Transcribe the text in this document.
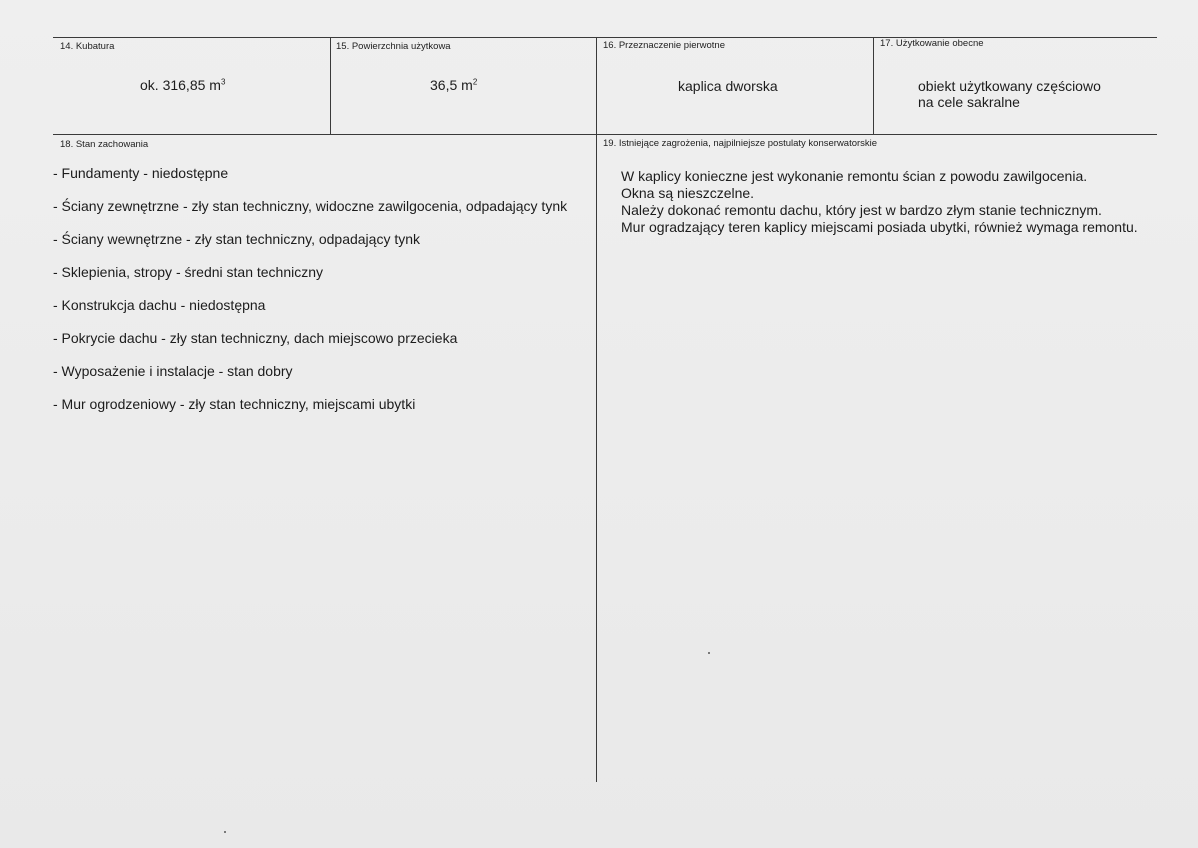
14. Kubatura
ok. 316,85 $m^3$
15. Powierzchnia użytkowa
36,5 $m^2$
16. Przeznaczenie pierwotne
kaplica dworska
17. Użytkowanie obecne
obiekt użytkowany częściowo
na cele sakralne
18. Stan zachowania
- Fundamenty - niedostępne
- Ściany zewnętrzne - zły stan techniczny, widoczne zawilgocenia, odpadający tynk
- Ściany wewnętrzne - zły stan techniczny, odpadający tynk
- Sklepienia, stropy - średni stan techniczny
- Konstrukcja dachu - niedostępna
- Pokrycie dachu - zły stan techniczny, dach miejscowo przecieka
- Wyposażenie i instalacje - stan dobry
- Mur ogrodzeniowy - zły stan techniczny, miejscami ubytki
19. Istniejące zagrożenia, najpilniejsze postulaty konserwatorskie
W kaplicy konieczne jest wykonanie remontu ścian z powodu zawilgocenia.
Okna są nieszczelne.
Należy dokonać remontu dachu, który jest w bardzo złym stanie technicznym.
Mur ogradzający teren kaplicy miejscami posiada ubytki, również wymaga remontu.
